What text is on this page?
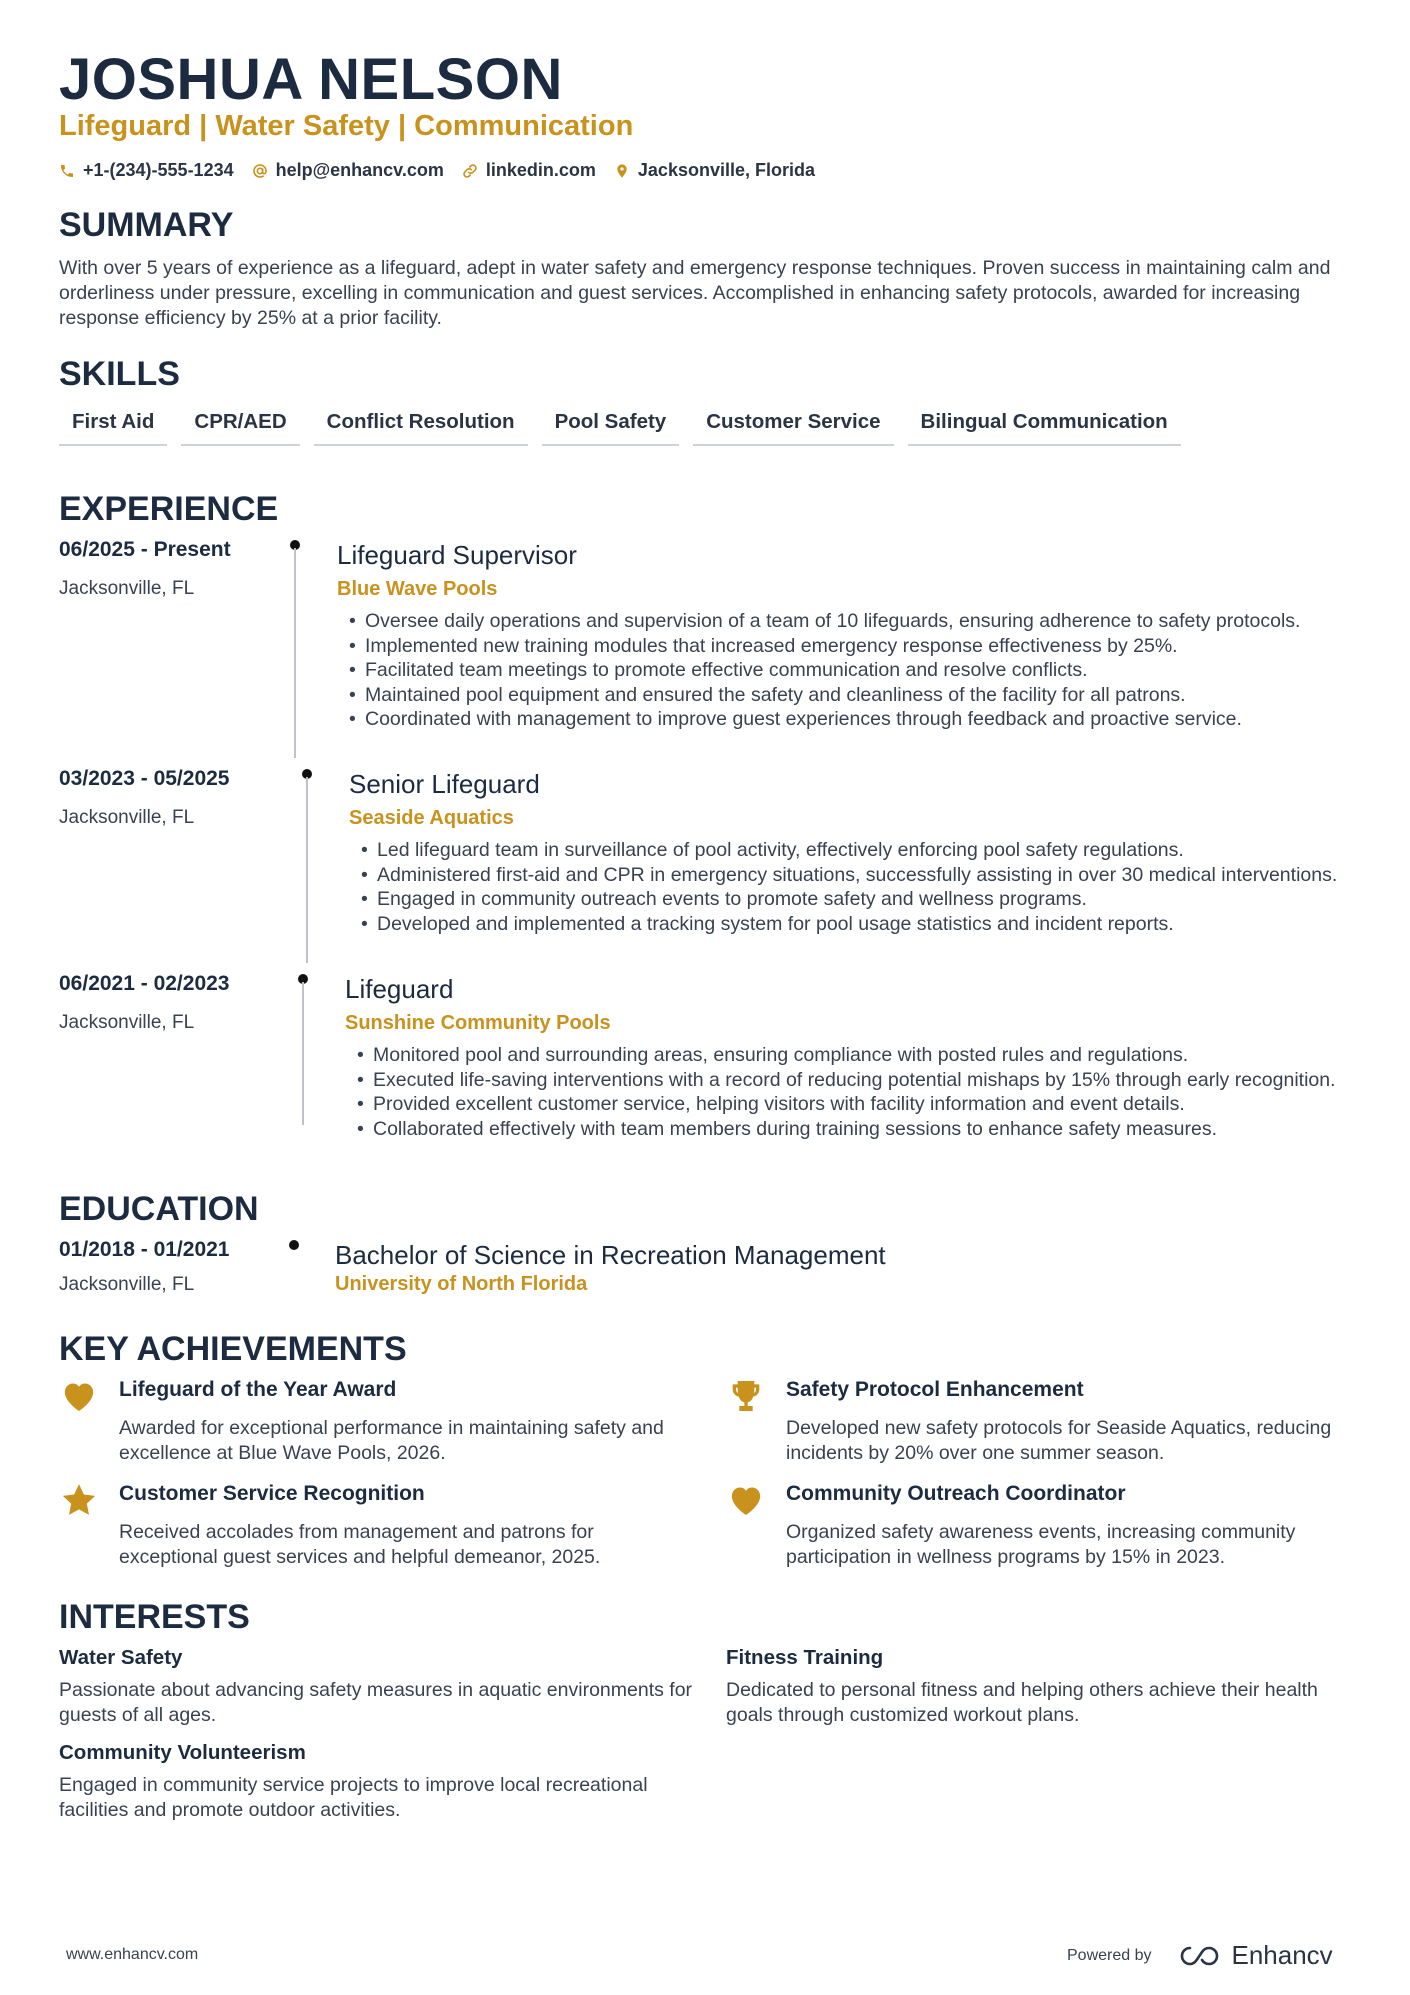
JOSHUA NELSON
Lifeguard | Water Safety | Communication
+1-(234)-555-1234 help@enhancv.com linkedin.com Jacksonville, Florida
SUMMARY
With over 5 years of experience as a lifeguard, adept in water safety and emergency response techniques. Proven success in maintaining calm and orderliness under pressure, excelling in communication and guest services. Accomplished in enhancing safety protocols, awarded for increasing response efficiency by 25% at a prior facility.
SKILLS
First Aid	CPR/AED	Conflict Resolution	Pool Safety	Customer Service	Bilingual Communication
EXPERIENCE
06/2025 - Present
Jacksonville, FL
Lifeguard Supervisor
Blue Wave Pools
• Oversee daily operations and supervision of a team of 10 lifeguards, ensuring adherence to safety protocols.
• Implemented new training modules that increased emergency response effectiveness by 25%.
• Facilitated team meetings to promote effective communication and resolve conflicts.
• Maintained pool equipment and ensured the safety and cleanliness of the facility for all patrons.
• Coordinated with management to improve guest experiences through feedback and proactive service.
03/2023 - 05/2025
Jacksonville, FL
Senior Lifeguard
Seaside Aquatics
• Led lifeguard team in surveillance of pool activity, effectively enforcing pool safety regulations.
• Administered first-aid and CPR in emergency situations, successfully assisting in over 30 medical interventions.
• Engaged in community outreach events to promote safety and wellness programs.
• Developed and implemented a tracking system for pool usage statistics and incident reports.
06/2021 - 02/2023
Jacksonville, FL
Lifeguard
Sunshine Community Pools
• Monitored pool and surrounding areas, ensuring compliance with posted rules and regulations.
• Executed life-saving interventions with a record of reducing potential mishaps by 15% through early recognition.
• Provided excellent customer service, helping visitors with facility information and event details.
• Collaborated effectively with team members during training sessions to enhance safety measures.
EDUCATION
01/2018 - 01/2021
Jacksonville, FL
Bachelor of Science in Recreation Management
University of North Florida
KEY ACHIEVEMENTS
Lifeguard of the Year Award
Awarded for exceptional performance in maintaining safety and excellence at Blue Wave Pools, 2026.
Safety Protocol Enhancement
Developed new safety protocols for Seaside Aquatics, reducing incidents by 20% over one summer season.
Customer Service Recognition
Received accolades from management and patrons for exceptional guest services and helpful demeanor, 2025.
Community Outreach Coordinator
Organized safety awareness events, increasing community participation in wellness programs by 15% in 2023.
INTERESTS
Water Safety
Passionate about advancing safety measures in aquatic environments for guests of all ages.
Fitness Training
Dedicated to personal fitness and helping others achieve their health goals through customized workout plans.
Community Volunteerism
Engaged in community service projects to improve local recreational facilities and promote outdoor activities.
www.enhancv.com	Powered by	Enhancv
